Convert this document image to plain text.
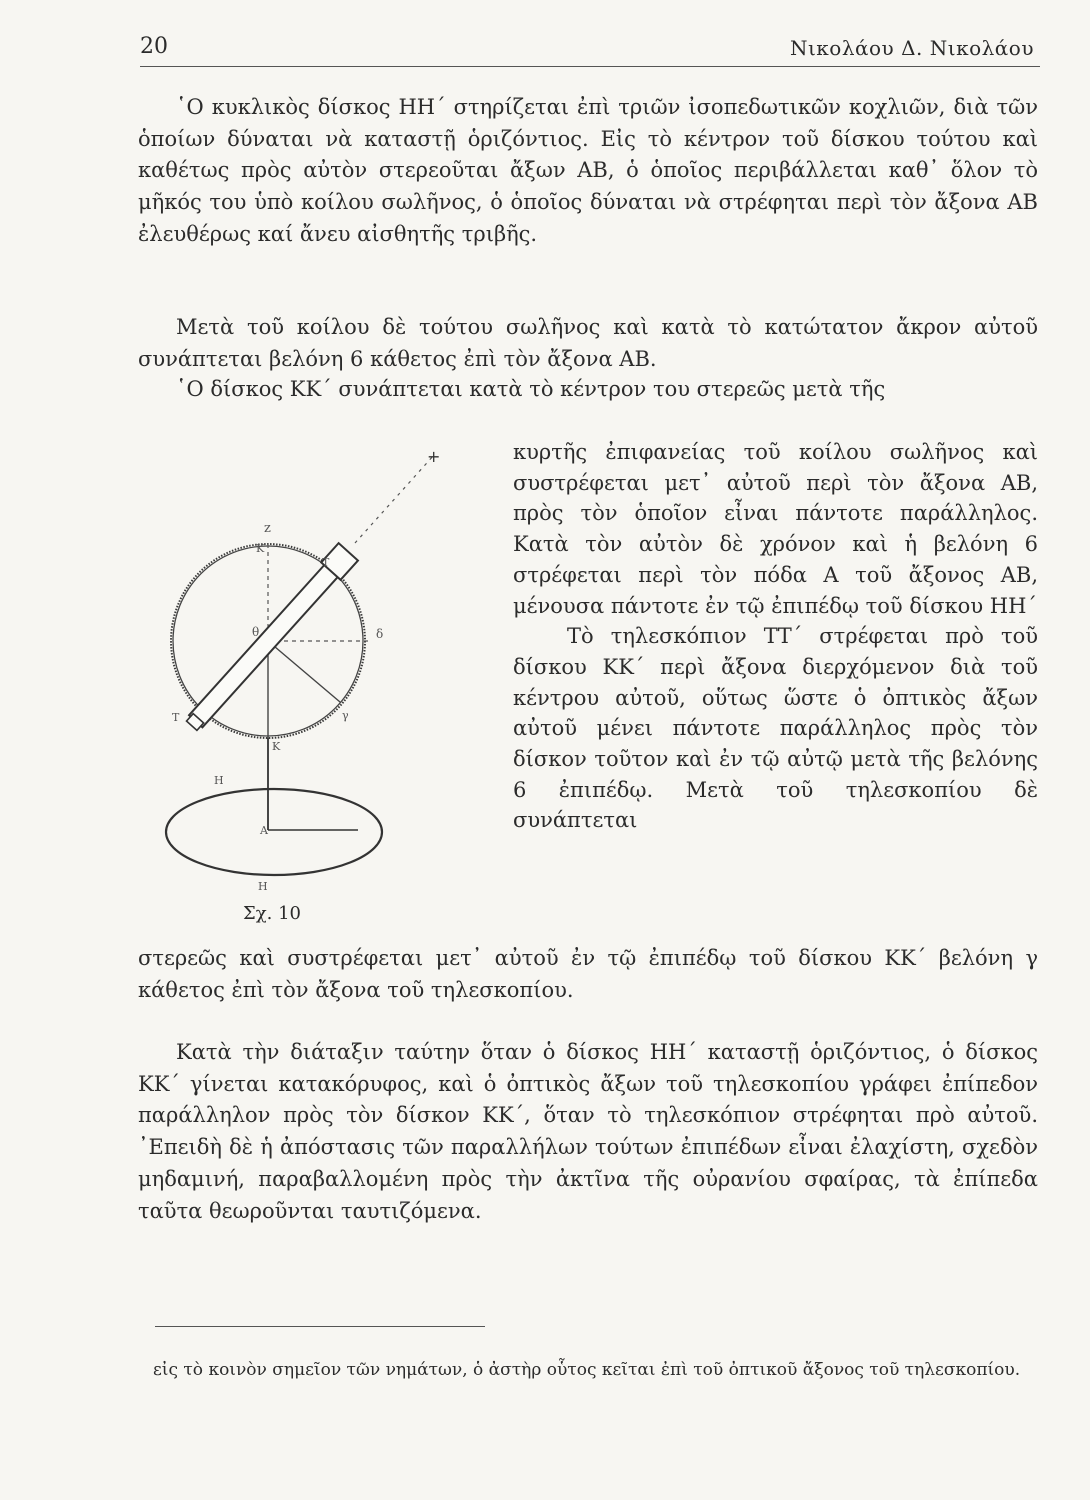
20	Νικολάου Δ. Νικολάου

῾Ο κυκλικὸς δίσκος ΗΗ΄ στηρίζεται ἐπὶ τριῶν ἰσοπεδωτικῶν κοχλιῶν, διὰ τῶν ὁποίων δύναται νὰ καταστῇ ὁριζόντιος. Εἰς τὸ κέντρον τοῦ δίσκου τούτου καὶ καθέτως πρὸς αὐτὸν στερεοῦται ἄξων ΑΒ, ὁ ὁποῖος περιβάλλεται καθ᾽ ὅλον τὸ μῆκός του ὑπὸ κοίλου σωλῆνος, ὁ ὁποῖος δύναται νὰ στρέφηται περὶ τὸν ἄξονα ΑΒ ἐλευθέρως καί ἄνευ αἰσθητῆς τριβῆς.

Μετὰ τοῦ κοίλου δὲ τούτου σωλῆνος καὶ κατὰ τὸ κατώτατον ἄκρον αὐτοῦ συνάπτεται βελόνη 6 κάθετος ἐπὶ τὸν ἄξονα ΑΒ.

῾Ο δίσκος ΚΚ΄ συνάπτεται κατὰ τὸ κέντρον του στερεῶς μετὰ τῆς

κυρτῆς ἐπιφανείας τοῦ κοίλου σωλῆνος καὶ συστρέφεται μετ᾽ αὐτοῦ περὶ τὸν ἄξονα ΑΒ, πρὸς τὸν ὁποῖον εἶναι πάντοτε παράλληλος. Κατὰ τὸν αὐτὸν δὲ χρόνον καὶ ἡ βελόνη 6 στρέφεται περὶ τὸν πόδα Α τοῦ ἄξονος ΑΒ, μένουσα πάντοτε ἐν τῷ ἐπιπέδῳ τοῦ δίσκου ΗΗ΄

Τὸ τηλεσκόπιον ΤΤ΄ στρέφεται πρὸ τοῦ δίσκου ΚΚ΄ περὶ ἄξονα διερχόμενον διὰ τοῦ κέντρου αὐτοῦ, οὕτως ὥστε ὁ ὀπτικὸς ἄξων αὐτοῦ μένει πάντοτε παράλληλος πρὸς τὸν δίσκον τοῦτον καὶ ἐν τῷ αὐτῷ μετὰ τῆς βελόνης 6 ἐπιπέδῳ. Μετὰ τοῦ τηλεσκοπίου δὲ συνάπτεται

+
z
Κ
Τ
θ	δ
Τ	γ
Κ
Η
Α
Η
Σχ. 10

στερεῶς καὶ συστρέφεται μετ᾽ αὐτοῦ ἐν τῷ ἐπιπέδῳ τοῦ δίσκου ΚΚ΄ βελόνη γ κάθετος ἐπὶ τὸν ἄξονα τοῦ τηλεσκοπίου.

Κατὰ τὴν διάταξιν ταύτην ὅταν ὁ δίσκος ΗΗ΄ καταστῇ ὁριζόντιος, ὁ δίσκος ΚΚ΄ γίνεται κατακόρυφος, καὶ ὁ ὀπτικὸς ἄξων τοῦ τηλεσκοπίου γράφει ἐπίπεδον παράλληλον πρὸς τὸν δίσκον ΚΚ΄, ὅταν τὸ τηλεσκόπιον στρέφηται πρὸ αὐτοῦ. ᾿Επειδὴ δὲ ἡ ἀπόστασις τῶν παραλλήλων τούτων ἐπιπέδων εἶναι ἐλαχίστη, σχεδὸν μηδαμινή, παραβαλλομένη πρὸς τὴν ἀκτῖνα τῆς οὐρανίου σφαίρας, τὰ ἐπίπεδα ταῦτα θεωροῦνται ταυτιζόμενα.

εἰς τὸ κοινὸν σημεῖον τῶν νημάτων, ὁ ἀστὴρ οὗτος κεῖται ἐπὶ τοῦ ὀπτικοῦ ἄξονος τοῦ τηλεσκοπίου.
